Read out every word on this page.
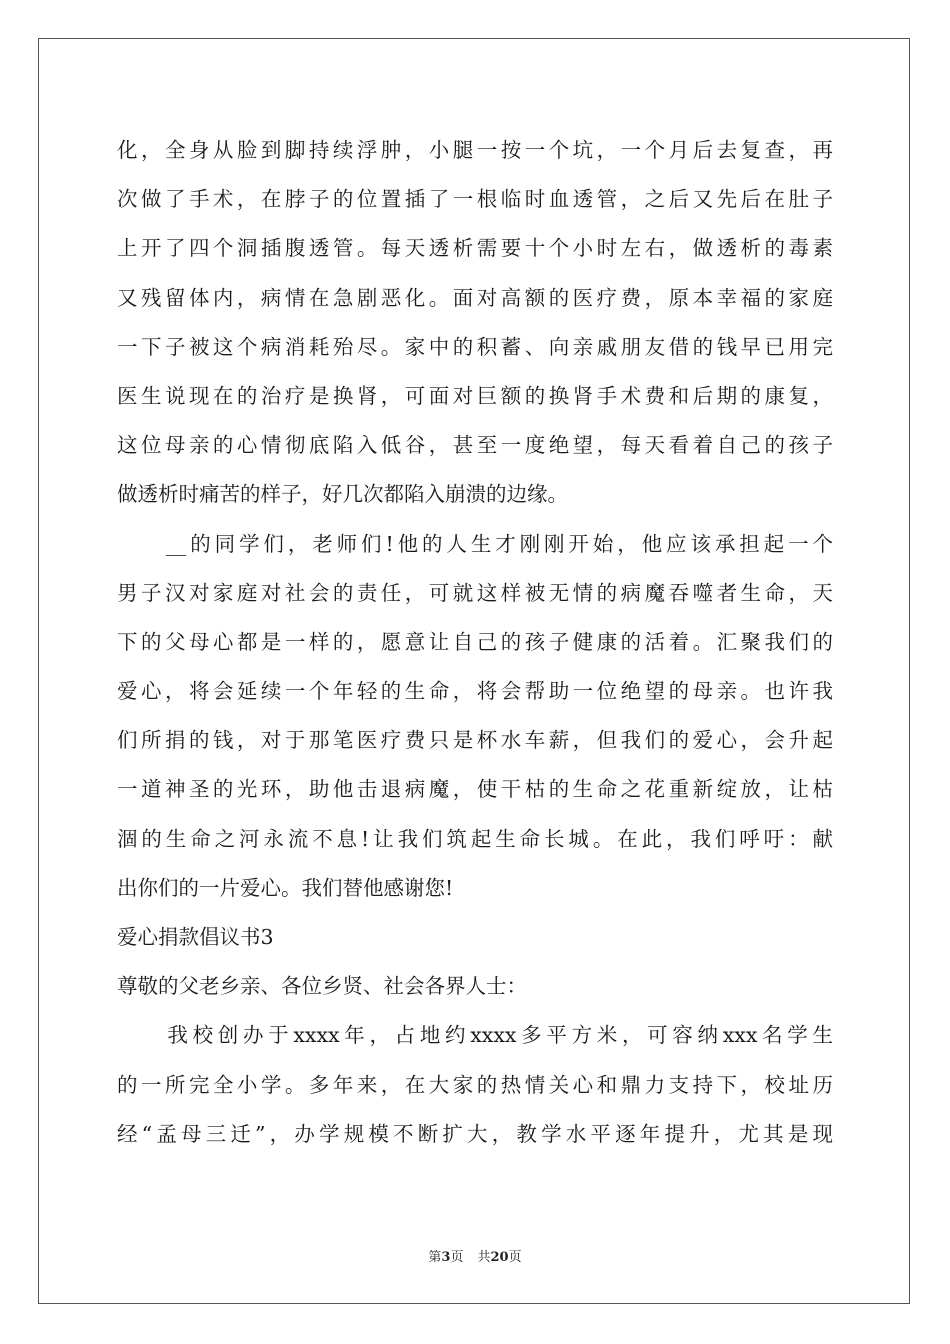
化，全身从脸到脚持续浮肿，小腿一按一个坑，一个月后去复查，再
次做了手术，在脖子的位置插了一根临时血透管，之后又先后在肚子
上开了四个洞插腹透管。每天透析需要十个小时左右，做透析的毒素
又残留体内，病情在急剧恶化。面对高额的医疗费，原本幸福的家庭
一下子被这个病消耗殆尽。家中的积蓄、向亲戚朋友借的钱早已用完
医生说现在的治疗是换肾，可面对巨额的换肾手术费和后期的康复，
这位母亲的心情彻底陷入低谷，甚至一度绝望，每天看着自己的孩子
做透析时痛苦的样子，好几次都陷入崩溃的边缘。
　　__的同学们，老师们!他的人生才刚刚开始，他应该承担起一个
男子汉对家庭对社会的责任，可就这样被无情的病魔吞噬者生命，天
下的父母心都是一样的，愿意让自己的孩子健康的活着。汇聚我们的
爱心，将会延续一个年轻的生命，将会帮助一位绝望的母亲。也许我
们所捐的钱，对于那笔医疗费只是杯水车薪，但我们的爱心，会升起
一道神圣的光环，助他击退病魔，使干枯的生命之花重新绽放，让枯
涸的生命之河永流不息!让我们筑起生命长城。在此，我们呼吁：献
出你们的一片爱心。我们替他感谢您!
爱心捐款倡议书3
尊敬的父老乡亲、各位乡贤、社会各界人士：
　　我校创办于xxxx年，占地约xxxx多平方米，可容纳xxx名学生
的一所完全小学。多年来，在大家的热情关心和鼎力支持下，校址历
经“孟母三迁”，办学规模不断扩大，教学水平逐年提升，尤其是现
第3页 共20页
